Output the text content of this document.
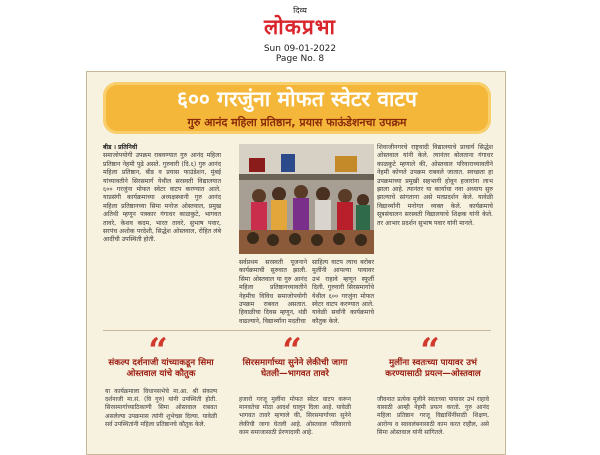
दिव्य
लोकप्रभा
Sun 09-01-2022
Page No. 8
६०० गरजुंना मोफत स्वेटर वाटप
गुरु आनंद महिला प्रतिष्ठान, प्रयास फाऊंडेशनचा उपक्रम
बीड । प्रतिनिधी
समाजोपयोगी उपक्रम राबवण्यात गुरु आनंद महिला प्रतिष्ठान नेहमी पुढे असते. गुरुवारी (दि.६) गुरु आनंद महिला प्रतिष्ठान, बीड व प्रयास फाउंडेशन, मुंबई यांच्यावतीने सिरसमार्ग येथील सरस्वती विद्यालयात ६०० गरजुंना मोफत स्वेटर वाटप करण्यात आले. याप्रसंगी कार्यक्रमाच्या अध्यक्षस्थानी गुरु आनंद महिला प्रतिष्ठानच्या सिमा मनोज ओस्तवाल, प्रमुख अतिथी म्हणून पत्रकार गंगाधर काळकुटे, भागवत तावरे, केशव कदम, भारत तावरे, सुभाष पवार, सरपंच अशोक परदेशी, सिद्धेश ओस्तवाल, रोहित लंबे आदींची उपस्थिती होती.
सर्वप्रथम सरस्वती पूजनाने कार्यक्रमाची सुरुवात झाली. सिमा ओस्तवाल या गुरु आनंद महिला प्रतिष्ठानच्यावतीने नेहमीच विविध समाजोपयोगी उपक्रम राबवत असतात. हिवाळीचा दिवस म्हणून, थंडी वाढल्याने, विद्यार्थ्यांना मदतीचा
साहित्य वाटप त्याच बरोबर मुलींनी आपल्या पायावर उभं राहावे म्हणून स्फूर्ती दिली. गुरुवारी सिरसमार्गाचे येथील ६०० गरजुंना मोफत स्वेटर वाटप करण्यात आले. यावेळी सर्वांनी कार्यक्रमाचे कौतुक केले.
शिवाजीनगरचे राष्ट्रवादी विद्यालयाचे प्राचार्य सिद्धेश ओस्तवाल यांनी केले. त्यानंतर बोलताना गंगाधर काळकुटे म्हणाले की, ओस्तवाल परिवाराच्यावतीने नेहमी कोणते उपक्रम राबवले जातात. स्वच्छता हा उपक्रमाच्या प्रमुखी सहभागी होवून हजारांना लाभ झाला आहे. त्यानंतर या कार्याचा नवा अध्याय सुरु झाल्याचे सांगताना असे मतप्रदर्शन केले. यावेळी विद्यार्थ्यांनी मनोगत व्यक्त केले. कार्यक्रमाचे सूत्रसंचालन सरस्वती विद्यालयाचे शिक्षक यांनी केले. तर आभार प्रदर्शन सुभाष पवार यांनी मानले.
“
संकल्प दर्शनाजी यांच्याकडून सिमा ओस्तवाल यांचे कौतुक
या कार्यक्रमाला विधानसभेचे मा.आ. श्री संकल्प दर्शनाजी मा.सं. (वि गुरु) यांनी उपस्थिती होती. सिरसमार्गाच्याठिकाणी सिमा ओस्तवाल राबवत असलेल्या उपक्रमास त्यांनी शुभेच्छा दिल्या. यावेळी सर्व उपस्थितांनी महिला प्रतिष्ठानचे कौतुक केले.
“
सिरसमार्गाच्या सुनेने लेकीची जागा घेतली—भागवत तावरे
हजारो गरजू मुलींना मोफत स्वेटर वाटप करून मानवतेचा मोठा आदर्श घालून दिला आहे. यावेळी भागवत तावरे म्हणाले की, सिरसमार्गाच्या सुनेने लेकीची जागा घेतली आहे. ओस्तवाल परिवाराचे काम समाजासाठी प्रेरणादायी आहे.
“
मुलींना स्वतःच्या पायावर उभं करण्यासाठी प्रयत्न—ओस्तवाल
जीवनात प्रत्येक मुलीने स्वतःच्या पायावर उभं राहावे यासाठी आम्ही नेहमी प्रयत्न करतो. गुरु आनंद महिला प्रतिष्ठान गरजू विद्यार्थिनींसाठी शिक्षण, आरोग्य व स्वावलंबनासाठी काम करत राहील, असे सिमा ओस्तवाल यांनी सांगितले.
